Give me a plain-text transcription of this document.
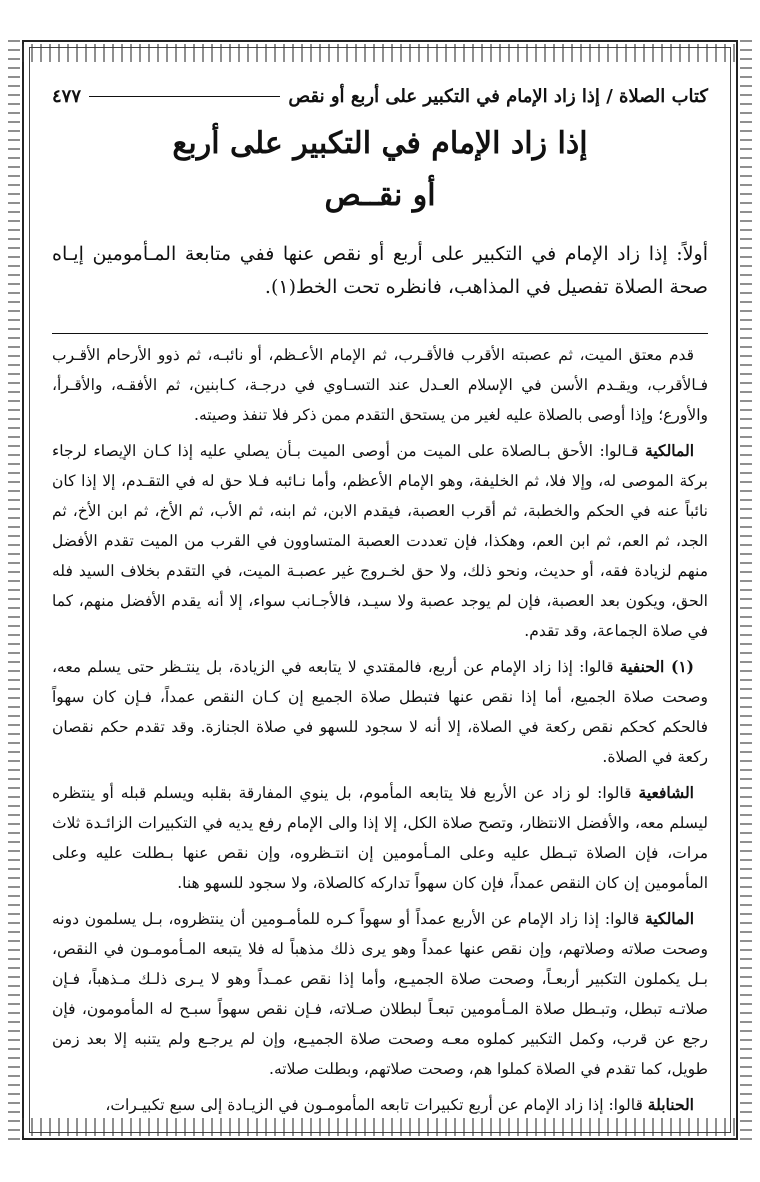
كتاب الصلاة / إذا زاد الإمام في التكبير على أربع أو نقص
٤٧٧
إذا زاد الإمام في التكبير على أربع
أو نقــص

أولاً: إذا زاد الإمام في التكبير على أربع أو نقص عنها ففي متابعة المـأمومين إيـاه صحة الصلاة تفصيل في المذاهب، فانظره تحت الخط(١).

قدم معتق الميت، ثم عصبته الأقرب فالأقـرب، ثم الإمام الأعـظم، أو نائبـه، ثم ذوو الأرحام الأقـرب فـالأقرب، ويقـدم الأسن في الإسلام العـدل عند التسـاوي في درجـة، كـابنين، ثم الأفقـه، والأقـرأ، والأورع؛ وإذا أوصى بالصلاة عليه لغير من يستحق التقدم ممن ذكر فلا تنفذ وصيته.

المالكية قـالوا: الأحق بـالصلاة على الميت من أوصى الميت بـأن يصلي عليه إذا كـان الإيصاء لرجاء بركة الموصى له، وإلا فلا، ثم الخليفة، وهو الإمام الأعظم، وأما نـائبه فـلا حق له في التقـدم، إلا إذا كان نائباً عنه في الحكم والخطبة، ثم أقرب العصبة، فيقدم الابن، ثم ابنه، ثم الأب، ثم الأخ، ثم ابن الأخ، ثم الجد، ثم العم، ثم ابن العم، وهكذا، فإن تعددت العصبة المتساوون في القرب من الميت تقدم الأفضل منهم لزيادة فقه، أو حديث، ونحو ذلك، ولا حق لخـروج غير عصبـة الميت، في التقدم بخلاف السيد فله الحق، ويكون بعد العصبة، فإن لم يوجد عصبة ولا سيـد، فالأجـانب سواء، إلا أنه يقدم الأفضل منهم، كما في صلاة الجماعة، وقد تقدم.

(١) الحنفية قالوا: إذا زاد الإمام عن أربع، فالمقتدي لا يتابعه في الزيادة، بل ينتـظر حتى يسلم معه، وصحت صلاة الجميع، أما إذا نقص عنها فتبطل صلاة الجميع إن كـان النقص عمداً، فـإن كان سهواً فالحكم كحكم نقص ركعة في الصلاة، إلا أنه لا سجود للسهو في صلاة الجنازة. وقد تقدم حكم نقصان ركعة في الصلاة.

الشافعية قالوا: لو زاد عن الأربع فلا يتابعه المأموم، بل ينوي المفارقة بقلبه ويسلم قبله أو ينتظره ليسلم معه، والأفضل الانتظار، وتصح صلاة الكل، إلا إذا والى الإمام رفع يديه في التكبيرات الزائـدة ثلاث مرات، فإن الصلاة تبـطل عليه وعلى المـأمومين إن انتـظروه، وإن نقص عنها بـطلت عليه وعلى المأمومين إن كان النقص عمداً، فإن كان سهواً تداركه كالصلاة، ولا سجود للسهو هنا.

المالكية قالوا: إذا زاد الإمام عن الأربع عمداً أو سهواً كـره للمأمـومين أن ينتظروه، بـل يسلمون دونه وصحت صلاته وصلاتهم، وإن نقص عنها عمداً وهو يرى ذلك مذهباً له فلا يتبعه المـأمومـون في النقص، بـل يكملون التكبير أربعـاً، وصحت صلاة الجميـع، وأما إذا نقص عمـداً وهو لا يـرى ذلـك مـذهباً، فـإن صلاتـه تبطل، وتبـطل صلاة المـأمومين تبعـاً لبطلان صـلاته، فـإن نقص سهواً سبـح له المأمومون، فإن رجع عن قرب، وكمل التكبير كملوه معـه وصحت صلاة الجميـع، وإن لم يرجـع ولم يتنبه إلا بعد زمن طويل، كما تقدم في الصلاة كملوا هم، وصحت صلاتهم، وبطلت صلاته.

الحنابلة قالوا: إذا زاد الإمام عن أربع تكبيرات تابعه المأمومـون في الزيـادة إلى سبع تكبيـرات،
